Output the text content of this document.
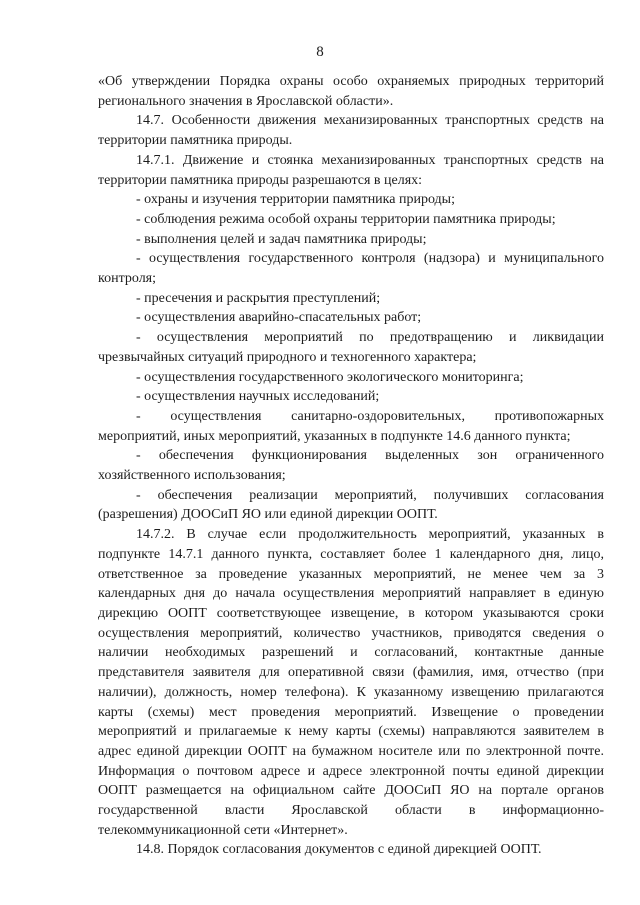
8

«Об утверждении Порядка охраны особо охраняемых природных территорий регионального значения в Ярославской области».

14.7. Особенности движения механизированных транспортных средств на территории памятника природы.

14.7.1. Движение и стоянка механизированных транспортных средств на территории памятника природы разрешаются в целях:

- охраны и изучения территории памятника природы;

- соблюдения режима особой охраны территории памятника природы;

- выполнения целей и задач памятника природы;

- осуществления государственного контроля (надзора) и муниципального контроля;

- пресечения и раскрытия преступлений;

- осуществления аварийно-спасательных работ;

- осуществления мероприятий по предотвращению и ликвидации чрезвычайных ситуаций природного и техногенного характера;

- осуществления государственного экологического мониторинга;

- осуществления научных исследований;

- осуществления санитарно-оздоровительных, противопожарных мероприятий, иных мероприятий, указанных в подпункте 14.6 данного пункта;

- обеспечения функционирования выделенных зон ограниченного хозяйственного использования;

- обеспечения реализации мероприятий, получивших согласования (разрешения) ДООСиП ЯО или единой дирекции ООПТ.

14.7.2. В случае если продолжительность мероприятий, указанных в подпункте 14.7.1 данного пункта, составляет более 1 календарного дня, лицо, ответственное за проведение указанных мероприятий, не менее чем за 3 календарных дня до начала осуществления мероприятий направляет в единую дирекцию ООПТ соответствующее извещение, в котором указываются сроки осуществления мероприятий, количество участников, приводятся сведения о наличии необходимых разрешений и согласований, контактные данные представителя заявителя для оперативной связи (фамилия, имя, отчество (при наличии), должность, номер телефона). К указанному извещению прилагаются карты (схемы) мест проведения мероприятий. Извещение о проведении мероприятий и прилагаемые к нему карты (схемы) направляются заявителем в адрес единой дирекции ООПТ на бумажном носителе или по электронной почте. Информация о почтовом адресе и адресе электронной почты единой дирекции ООПТ размещается на официальном сайте ДООСиП ЯО на портале органов государственной власти Ярославской области в информационно-телекоммуникационной сети «Интернет».

14.8. Порядок согласования документов с единой дирекцией ООПТ.
